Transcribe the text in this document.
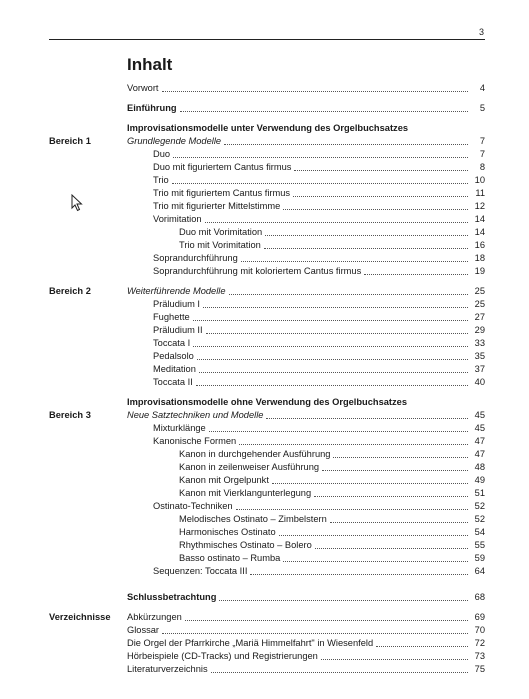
3
Inhalt
Vorwort	4
Einführung	5
Improvisationsmodelle unter Verwendung des Orgelbuchsatzes
Bereich 1	Grundlegende Modelle	7
Duo	7
Duo mit figuriertem Cantus firmus	8
Trio	10
Trio mit figuriertem Cantus firmus	11
Trio mit figurierter Mittelstimme	12
Vorimitation	14
Duo mit Vorimitation	14
Trio mit Vorimitation	16
Soprandurchführung	18
Soprandurchführung mit koloriertem Cantus firmus	19
Bereich 2	Weiterführende Modelle	25
Präludium I	25
Fughette	27
Präludium II	29
Toccata I	33
Pedalsolo	35
Meditation	37
Toccata II	40
Improvisationsmodelle ohne Verwendung des Orgelbuchsatzes
Bereich 3	Neue Satztechniken und Modelle	45
Mixturklänge	45
Kanonische Formen	47
Kanon in durchgehender Ausführung	47
Kanon in zeilenweiser Ausführung	48
Kanon mit Orgelpunkt	49
Kanon mit Vierklangunterlegung	51
Ostinato-Techniken	52
Melodisches Ostinato – Zimbelstern	52
Harmonisches Ostinato	54
Rhythmisches Ostinato – Bolero	55
Basso ostinato – Rumba	59
Sequenzen: Toccata III	64
Schlussbetrachtung	68
Verzeichnisse	Abkürzungen	69
Glossar	70
Die Orgel der Pfarrkirche „Mariä Himmelfahrt" in Wiesenfeld	72
Hörbeispiele (CD-Tracks) und Registrierungen	73
Literaturverzeichnis	75
